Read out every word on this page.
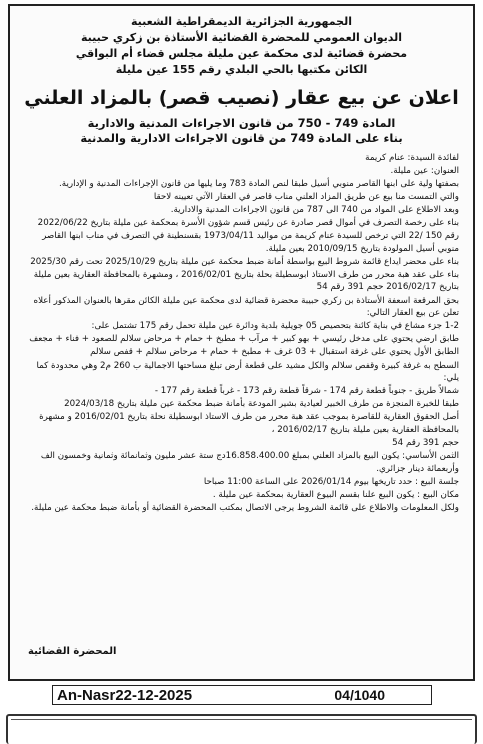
الجمهورية الجزائرية الديمقراطية الشعبية
الديوان العمومي للمحضرة القضائية الأستاذة بن زكري حبيبة
محضرة قضائية لدى محكمة عين مليلة مجلس قضاء أم البواقي
الكائن مكتبها بالحي البلدي رقم 155 عين مليلة
اعلان عن بيع عقار (نصيب قصر) بالمزاد العلني
المادة 749 - 750 من قانون الاجراءات المدنية والادارية
بناء على المادة 749 من قانون الاجراءات الادارية والمدنية

لفائدة السيدة: عنام كريمة

العنوان: عين مليلة.

بصفتها ولية على ابنها القاصر منوبي أسيل طبقا لنص المادة 783 وما يليها من قانون الإجراءات المدنية و الإدارية.

والتي التمست منا بيع عن طريق المزاد العلني مناب قاصر في العقار الآتي تعيينه لاحقا

وبعد الاطلاع على المواد من 740 الى 787 من قانون الاجراءات المدنية والادارية.

بناء على رخصة التصرف في أموال قصر صادرة عن رئيس قسم شؤون الأسرة بمحكمة عين مليلة بتاريخ 2022/06/22 رقم 150 /22 التي ترخص للسيدة عنام كريمة من مواليد 1973/04/11 بقسنطينة في التصرف في مناب ابنها القاصر منوبي أسيل المولودة بتاريخ 2010/09/15 بعين مليلة.

بناء على محضر ايداع قائمة شروط البيع بواسطة أمانة ضبط محكمة عين مليلة بتاريخ 2025/10/29 تحت رقم 2025/30

بناء على عقد هبة محرر من طرف الاستاذ ابوسطيلة بحلة بتاريخ 2016/02/01 ، ومشهرة بالمحافظة العقارية بعين مليلة بتاريخ 2016/02/17 حجم 391 رقم 54

بحق المرقعة اسعفة الأستاذة بن زكري حبيبة محضرة قضائية لدى محكمة عين مليلة الكائن مقرها بالعنوان المذكور أعلاه تعلن عن بيع العقار التالي:

1-2 جزء مشاع في بناية كائنة بتحصيص 05 جويلية بلدية ودائرة عين مليلة تحمل رقم 175 تشتمل على:

طابق ارضي يحتوي على مدخل رئيسي + بهو كبير + مرآب + مطبخ + حمام + مرحاض سلالم للصعود + فناء + مجعف

الطابق الأول يحتوي على غرفة استقبال + 03 غرف + مطبخ + حمام + مرحاض سلالم + قفص سلالم

السطح به غرفة كبيرة وقفص سلالم والكل مشيد على قطعة أرض تبلغ مساحتها الاجمالية ب 260 م2 وهي محدودة كما يلي:

شمالاً طريق - جنوباً قطعة رقم 174 - شرقاً قطعة رقم 173 - غرباً قطعة رقم 177 -

طبقا للخبرة المنجزة من طرف الخبير لعيادية بشير المودعة بأمانة ضبط محكمة عين مليلة بتاريخ 2024/03/18

أصل الحقوق العقارية للقاصرة بموجب عقد هبة محرر من طرف الاستاذ ابوسطيلة نحلة بتاريخ 2016/02/01 و مشهرة بالمحافظة العقارية بعين مليلة بتاريخ 2016/02/17 ،

حجم 391 رقم 54

الثمن الأساسي: يكون البيع بالمزاد العلني بمبلغ 16.858.400.00دج ستة عشر مليون وثمانمائة وثمانية وخمسون الف وأربعمائة دينار جزائري.

جلسة البيع : حدد تاريخها بيوم 2026/01/14 على الساعة 11:00 صباحا

مكان البيع : يكون البيع علنا بقسم البيوع العقارية بمحكمة عين مليلة .

ولكل المعلومات والاطلاع على قائمة الشروط يرجى الاتصال بمكتب المحضرة القضائية أو بأمانة ضبط محكمة عين مليلة.

المحضرة القضائية
An-Nasr22-12-2025	04/1040
